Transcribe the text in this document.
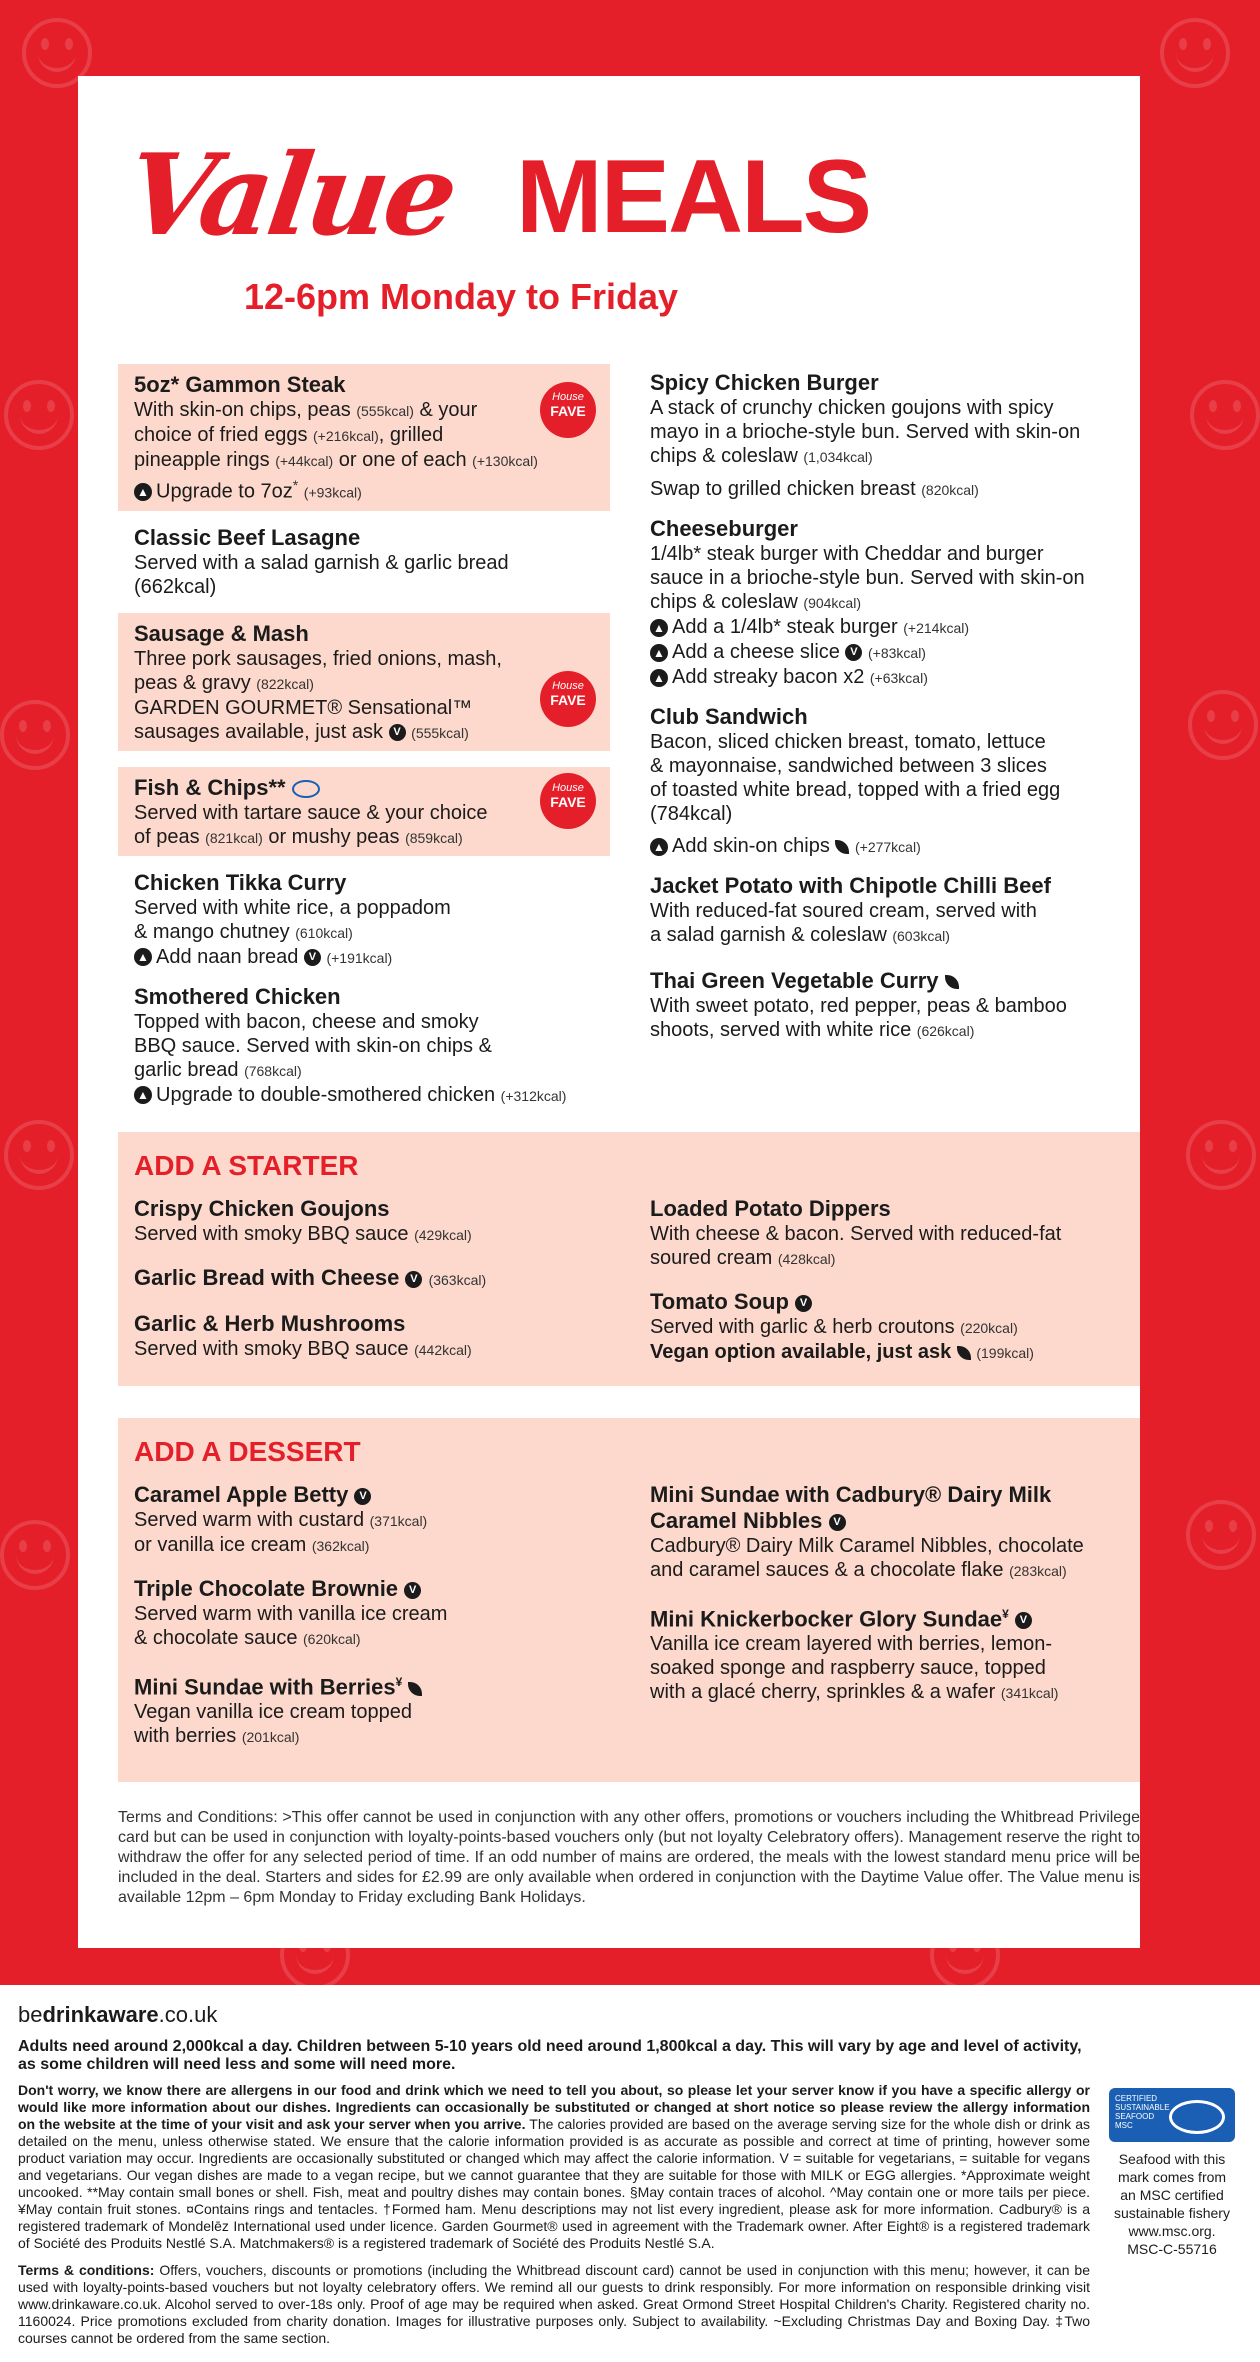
Value MEALS
12-6pm Monday to Friday
5oz* Gammon Steak

With skin-on chips, peas (555kcal) & your

choice of fried eggs (+216kcal), grilled

pineapple rings (+44kcal) or one of each (+130kcal)

▲ Upgrade to 7oz* (+93kcal)

House
FAVE
Classic Beef Lasagne

Served with a salad garnish & garlic bread

(662kcal)

Sausage & Mash

Three pork sausages, fried onions, mash,

peas & gravy (822kcal)

GARDEN GOURMET® Sensational™

sausages available, just ask V (555kcal)

House
FAVE
Fish & Chips**

Served with tartare sauce & your choice

of peas (821kcal) or mushy peas (859kcal)

House
FAVE
Chicken Tikka Curry

Served with white rice, a poppadom

& mango chutney (610kcal)

▲ Add naan bread V (+191kcal)

Smothered Chicken

Topped with bacon, cheese and smoky

BBQ sauce. Served with skin-on chips &

garlic bread (768kcal)

▲ Upgrade to double-smothered chicken (+312kcal)

Spicy Chicken Burger

A stack of crunchy chicken goujons with spicy

mayo in a brioche-style bun. Served with skin-on

chips & coleslaw (1,034kcal)

Swap to grilled chicken breast (820kcal)

Cheeseburger

1/4lb* steak burger with Cheddar and burger

sauce in a brioche-style bun. Served with skin-on

chips & coleslaw (904kcal)

▲ Add a 1/4lb* steak burger (+214kcal)

▲ Add a cheese slice V (+83kcal)

▲ Add streaky bacon x2 (+63kcal)

Club Sandwich

Bacon, sliced chicken breast, tomato, lettuce

& mayonnaise, sandwiched between 3 slices

of toasted white bread, topped with a fried egg

(784kcal)

▲ Add skin-on chips  (+277kcal)

Jacket Potato with Chipotle Chilli Beef

With reduced-fat soured cream, served with

a salad garnish & coleslaw (603kcal)

Thai Green Vegetable Curry

With sweet potato, red pepper, peas & bamboo

shoots, served with white rice (626kcal)

ADD A STARTER
Crispy Chicken Goujons

Served with smoky BBQ sauce (429kcal)

Garlic Bread with Cheese V (363kcal)
Garlic & Herb Mushrooms

Served with smoky BBQ sauce (442kcal)

Loaded Potato Dippers

With cheese & bacon. Served with reduced-fat

soured cream (428kcal)

Tomato Soup V

Served with garlic & herb croutons (220kcal)

Vegan option available, just ask  (199kcal)

ADD A DESSERT
Caramel Apple Betty V

Served warm with custard (371kcal)

or vanilla ice cream (362kcal)

Triple Chocolate Brownie V

Served warm with vanilla ice cream

& chocolate sauce (620kcal)

Mini Sundae with Berries¥

Vegan vanilla ice cream topped

with berries (201kcal)

Mini Sundae with Cadbury® Dairy Milk
Caramel Nibbles V

Cadbury® Dairy Milk Caramel Nibbles, chocolate

and caramel sauces & a chocolate flake (283kcal)

Mini Knickerbocker Glory Sundae¥ V

Vanilla ice cream layered with berries, lemon-

soaked sponge and raspberry sauce, topped

with a glacé cherry, sprinkles & a wafer (341kcal)

Terms and Conditions: >This offer cannot be used in conjunction with any other offers, promotions or vouchers including the Whitbread Privilege card but can be used in conjunction with loyalty-points-based vouchers only (but not loyalty Celebratory offers). Management reserve the right to withdraw the offer for any selected period of time. If an odd number of mains are ordered, the meals with the lowest standard menu price will be included in the deal. Starters and sides for £2.99 are only available when ordered in conjunction with the Daytime Value offer. The Value menu is available 12pm – 6pm Monday to Friday excluding Bank Holidays.
bedrinkaware.co.uk
Adults need around 2,000kcal a day. Children between 5-10 years old need around 1,800kcal a day. This will vary by age and level of activity, as some children will need less and some will need more.
Don't worry, we know there are allergens in our food and drink which we need to tell you about, so please let your server know if you have a specific allergy or would like more information about our dishes. Ingredients can occasionally be substituted or changed at short notice so please review the allergy information on the website at the time of your visit and ask your server when you arrive. The calories provided are based on the average serving size for the whole dish or drink as detailed on the menu, unless otherwise stated. We ensure that the calorie information provided is as accurate as possible and correct at time of printing, however some product variation may occur. Ingredients are occasionally substituted or changed which may affect the calorie information. V = suitable for vegetarians, = suitable for vegans and vegetarians. Our vegan dishes are made to a vegan recipe, but we cannot guarantee that they are suitable for those with MILK or EGG allergies. *Approximate weight uncooked. **May contain small bones or shell. Fish, meat and poultry dishes may contain bones. §May contain traces of alcohol. ^May contain one or more tails per piece. ¥May contain fruit stones. ¤Contains rings and tentacles. †Formed ham. Menu descriptions may not list every ingredient, please ask for more information. Cadbury® is a registered trademark of Mondelēz International used under licence. Garden Gourmet® used in agreement with the Trademark owner. After Eight® is a registered trademark of Société des Produits Nestlé S.A. Matchmakers® is a registered trademark of Société des Produits Nestlé S.A.
Terms & conditions: Offers, vouchers, discounts or promotions (including the Whitbread discount card) cannot be used in conjunction with this menu; however, it can be used with loyalty-points-based vouchers but not loyalty celebratory offers. We remind all our guests to drink responsibly. For more information on responsible drinking visit www.drinkaware.co.uk. Alcohol served to over-18s only. Proof of age may be required when asked. Great Ormond Street Hospital Children's Charity. Registered charity no. 1160024. Price promotions excluded from charity donation. Images for illustrative purposes only. Subject to availability. ~Excluding Christmas Day and Boxing Day. ‡Two courses cannot be ordered from the same section.
CERTIFIED SUSTAINABLE SEAFOOD MSC
Seafood with this
mark comes from
an MSC certified
sustainable fishery
www.msc.org.
MSC-C-55716
